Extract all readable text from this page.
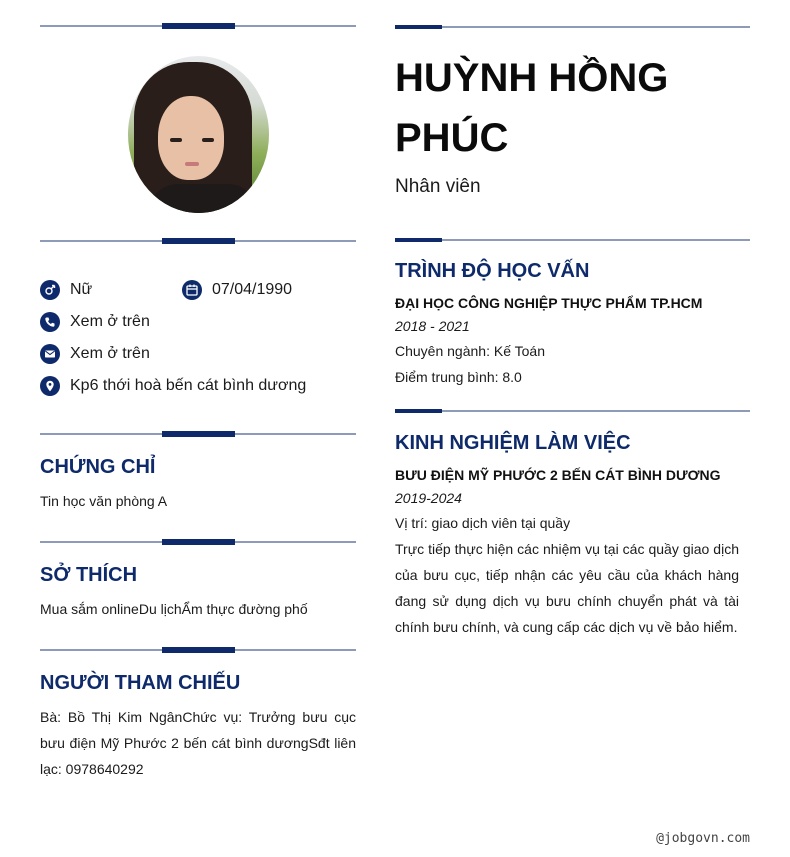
Nữ	07/04/1990
Xem ở trên
Xem ở trên
Kp6 thới hoà bến cát bình dương
CHỨNG CHỈ
Tin học văn phòng A
SỞ THÍCH
Mua sắm onlineDu lịchẨm thực đường phố
NGƯỜI THAM CHIẾU
Bà: Bồ Thị Kim NgânChức vụ: Trưởng bưu cục bưu điện Mỹ Phước 2 bến cát bình dươngSđt liên lạc: 0978640292
HUỲNH HỒNG PHÚC
Nhân viên
TRÌNH ĐỘ HỌC VẤN
ĐẠI HỌC CÔNG NGHIỆP THỰC PHẨM TP.HCM
2018 - 2021
Chuyên ngành: Kế Toán
Điểm trung bình: 8.0
KINH NGHIỆM LÀM VIỆC
BƯU ĐIỆN MỸ PHƯỚC 2 BẾN CÁT BÌNH DƯƠNG
2019-2024
Vị trí: giao dịch viên tại quầy
Trực tiếp thực hiện các nhiệm vụ tại các quầy giao dịch của bưu cục, tiếp nhận các yêu cầu của khách hàng đang sử dụng dịch vụ bưu chính chuyển phát và tài chính bưu chính, và cung cấp các dịch vụ về bảo hiểm.
@jobgovn.com
